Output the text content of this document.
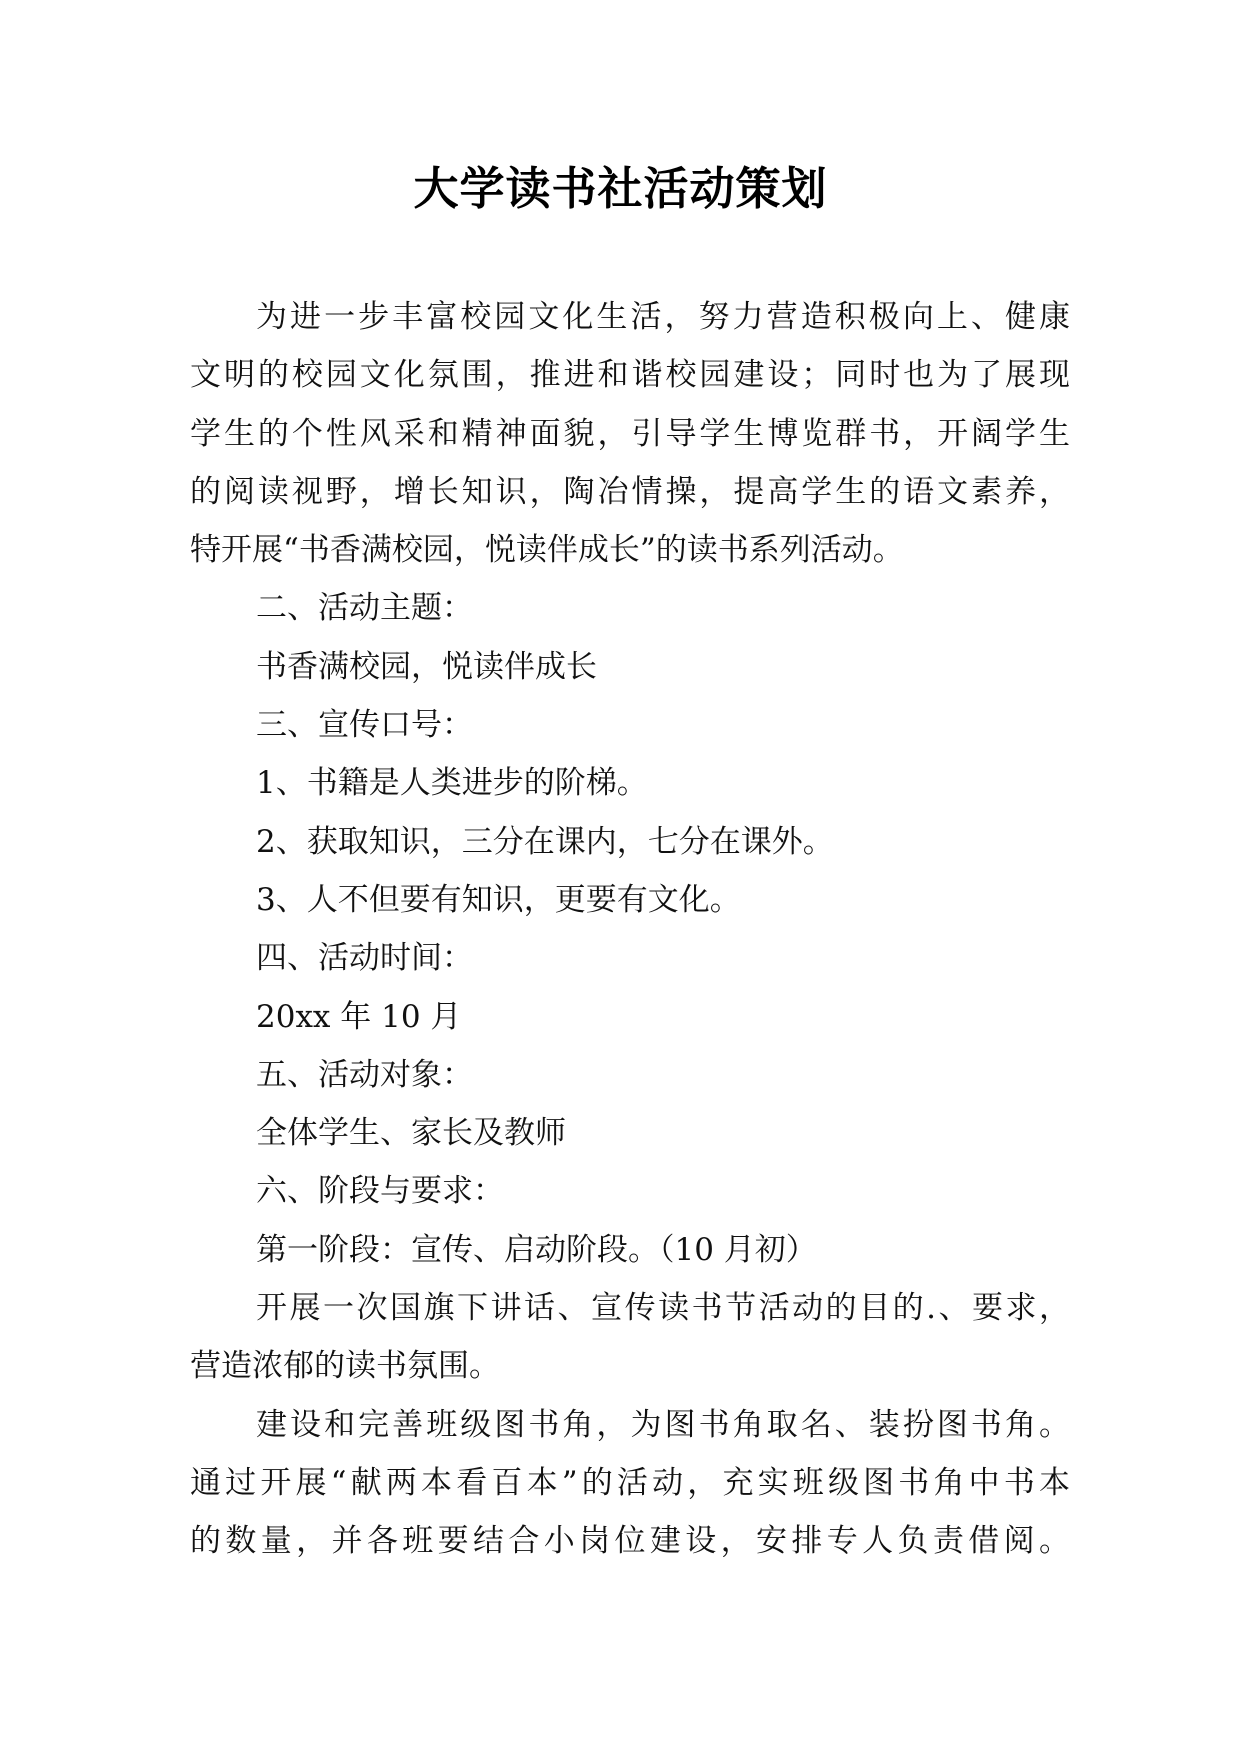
大学读书社活动策划
为进一步丰富校园文化生活，努力营造积极向上、健康
文明的校园文化氛围，推进和谐校园建设；同时也为了展现
学生的个性风采和精神面貌，引导学生博览群书，开阔学生
的阅读视野，增长知识，陶冶情操，提高学生的语文素养，
特开展“书香满校园，悦读伴成长”的读书系列活动。
二、活动主题：
书香满校园，悦读伴成长
三、宣传口号：
1、书籍是人类进步的阶梯。
2、获取知识，三分在课内，七分在课外。
3、人不但要有知识，更要有文化。
四、活动时间：
20xx 年 10 月
五、活动对象：
全体学生、家长及教师
六、阶段与要求：
第一阶段：宣传、启动阶段。（10 月初）
开展一次国旗下讲话、宣传读书节活动的目的.、要求，
营造浓郁的读书氛围。
建设和完善班级图书角，为图书角取名、装扮图书角。
通过开展“献两本看百本”的活动，充实班级图书角中书本
的数量，并各班要结合小岗位建设，安排专人负责借阅。
